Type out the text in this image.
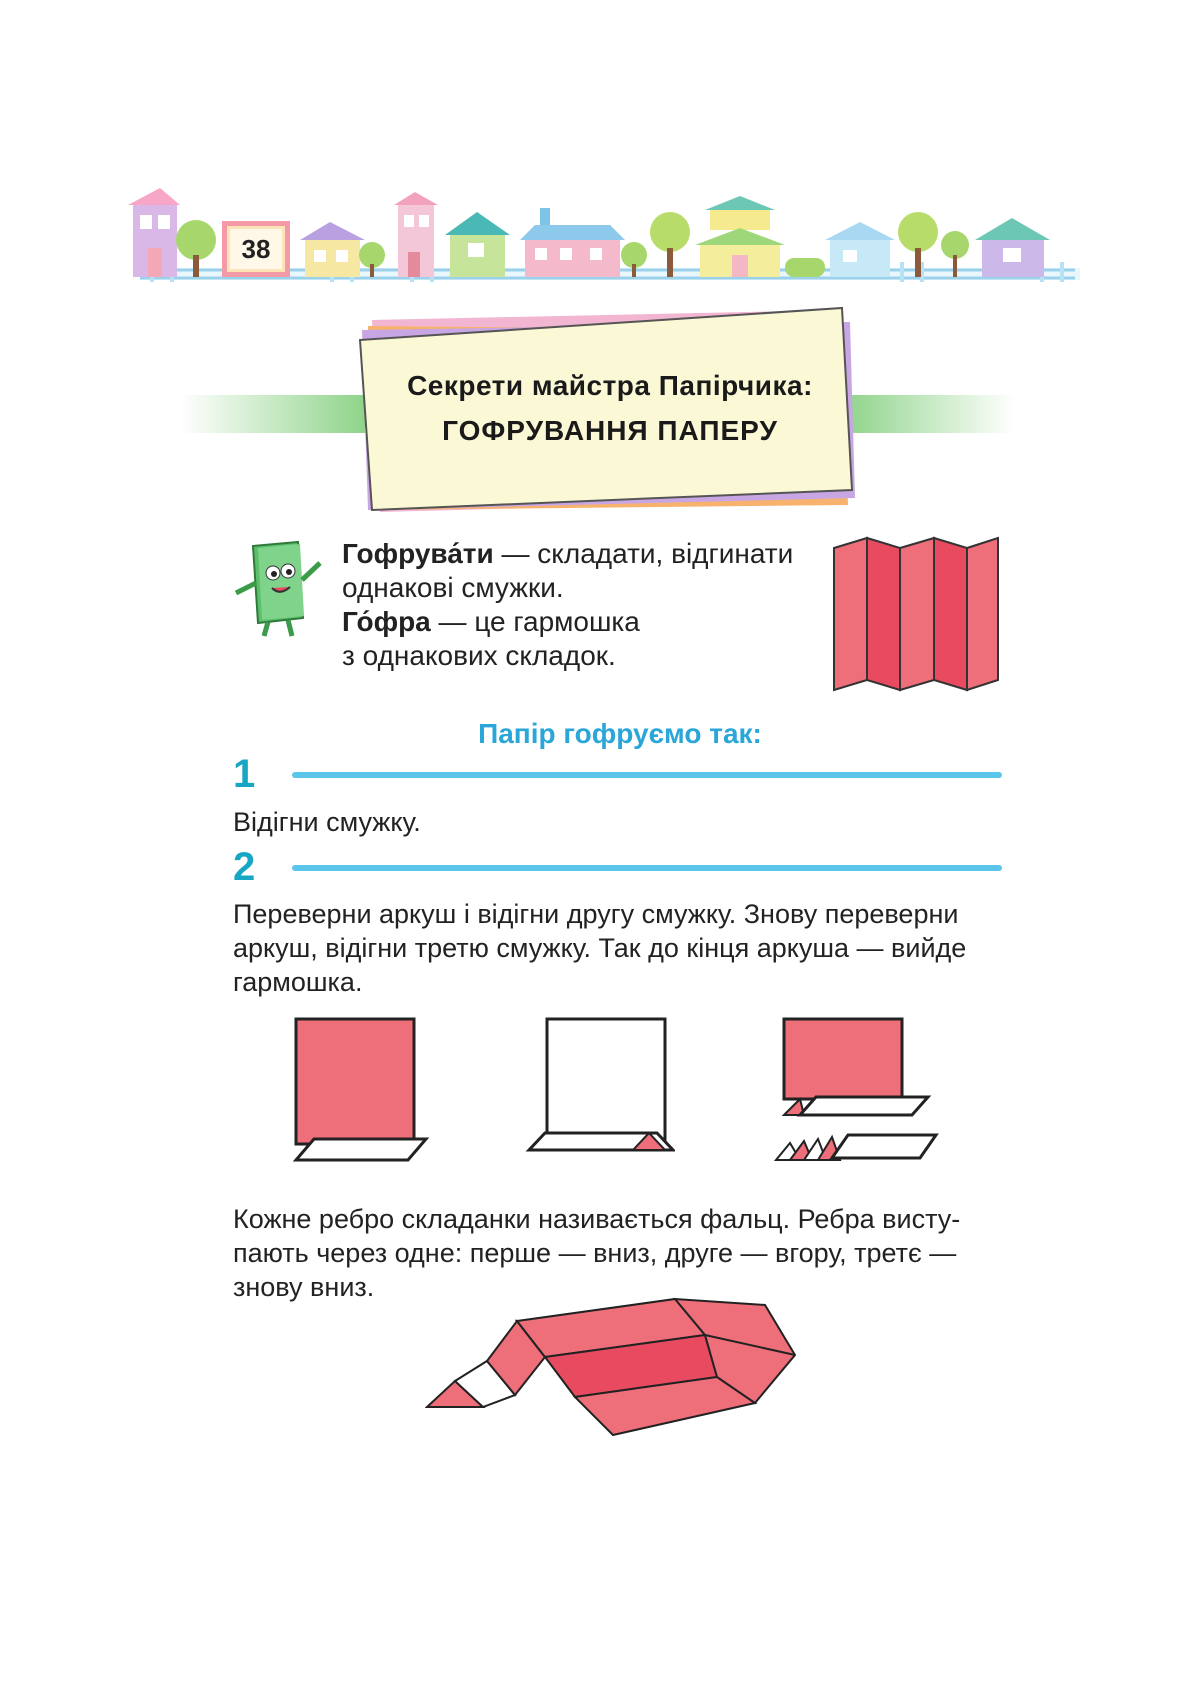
38
Секрети майстра Папірчика:
ГОФРУВАННЯ ПАПЕРУ
Гофрува́ти — складати, відгинати
однакові смужки.
Го́фра — це гармошка
з однакових складок.
Папір гофруємо так:
1
Відігни смужку.
2
Переверни аркуш і відігни другу смужку. Знову переверни
аркуш, відігни третю смужку. Так до кінця аркуша — вийде
гармошка.
Кожне ребро складанки називається фальц. Ребра висту-
пають через одне: перше — вниз, друге — вгору, третє —
знову вниз.
